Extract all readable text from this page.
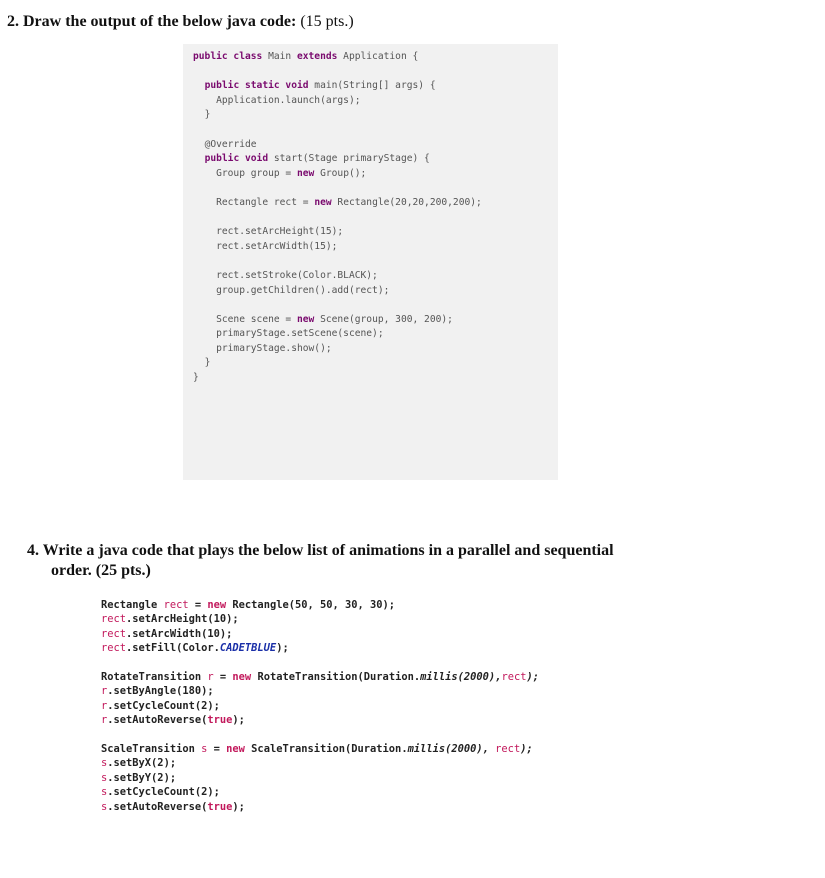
2. Draw the output of the below java code: (15 pts.)

public class Main extends Application {

public static void main(String[] args) {
Application.launch(args);
}

@Override
public void start(Stage primaryStage) {
Group group = new Group();

Rectangle rect = new Rectangle(20,20,200,200);

rect.setArcHeight(15);
rect.setArcWidth(15);

rect.setStroke(Color.BLACK);
group.getChildren().add(rect);

Scene scene = new Scene(group, 300, 200);
primaryStage.setScene(scene);
primaryStage.show();
}
}
4. Write a java code that plays the below list of animations in a parallel and sequential
order. (25 pts.)
Rectangle rect = new Rectangle(50, 50, 30, 30);
rect.setArcHeight(10);
rect.setArcWidth(10);
rect.setFill(Color.CADETBLUE);

RotateTransition r = new RotateTransition(Duration.millis(2000),rect);
r.setByAngle(180);
r.setCycleCount(2);
r.setAutoReverse(true);

ScaleTransition s = new ScaleTransition(Duration.millis(2000), rect);
s.setByX(2);
s.setByY(2);
s.setCycleCount(2);
s.setAutoReverse(true);
